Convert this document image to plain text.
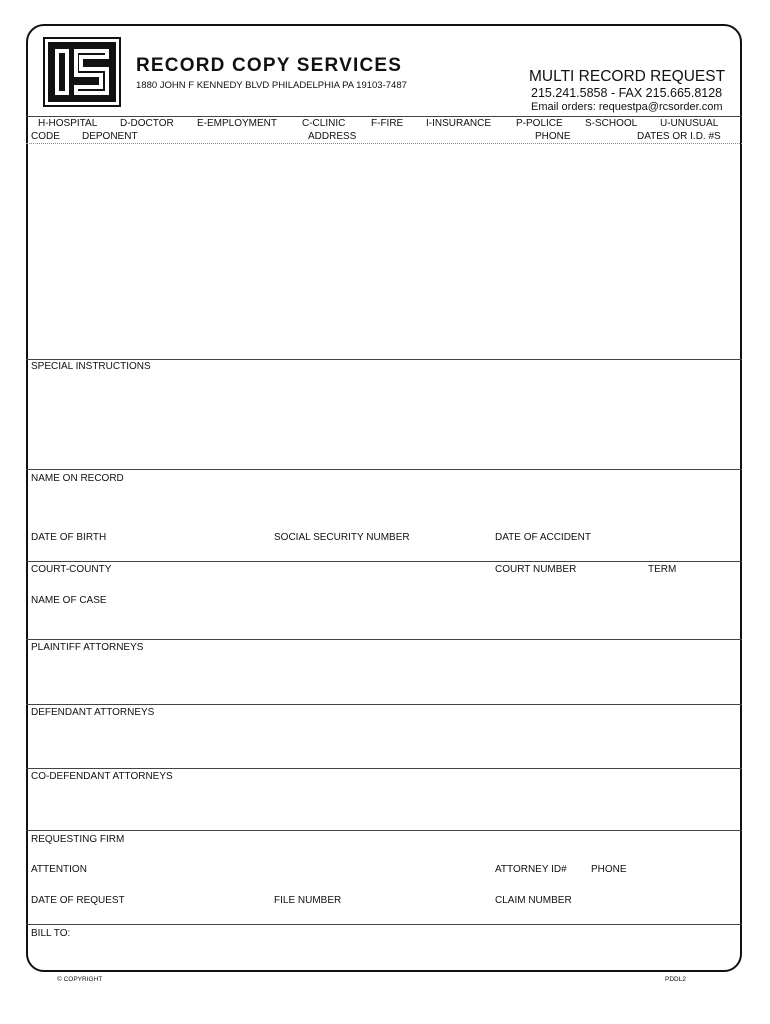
RECORD COPY SERVICES
1880 JOHN F KENNEDY BLVD PHILADELPHIA PA 19103-7487
MULTI RECORD REQUEST
215.241.5858 - FAX 215.665.8128
Email orders: requestpa@rcsorder.com
H-HOSPITAL D-DOCTOR E-EMPLOYMENT C-CLINIC	F-FIRE I-INSURANCE P-POLICE S-SCHOOL U-UNUSUAL
CODE DEPONENT	ADDRESS	PHONE	DATES OR I.D. #S
SPECIAL INSTRUCTIONS
NAME ON RECORD
DATE OF BIRTH	SOCIAL SECURITY NUMBER	DATE OF ACCIDENT
COURT-COUNTY	COURT NUMBER	TERM
NAME OF CASE
PLAINTIFF ATTORNEYS
DEFENDANT ATTORNEYS
CO-DEFENDANT ATTORNEYS
REQUESTING FIRM
ATTENTION	ATTORNEY ID# PHONE
DATE OF REQUEST	FILE NUMBER	CLAIM NUMBER
BILL TO:
© COPYRIGHT	PDDL2
